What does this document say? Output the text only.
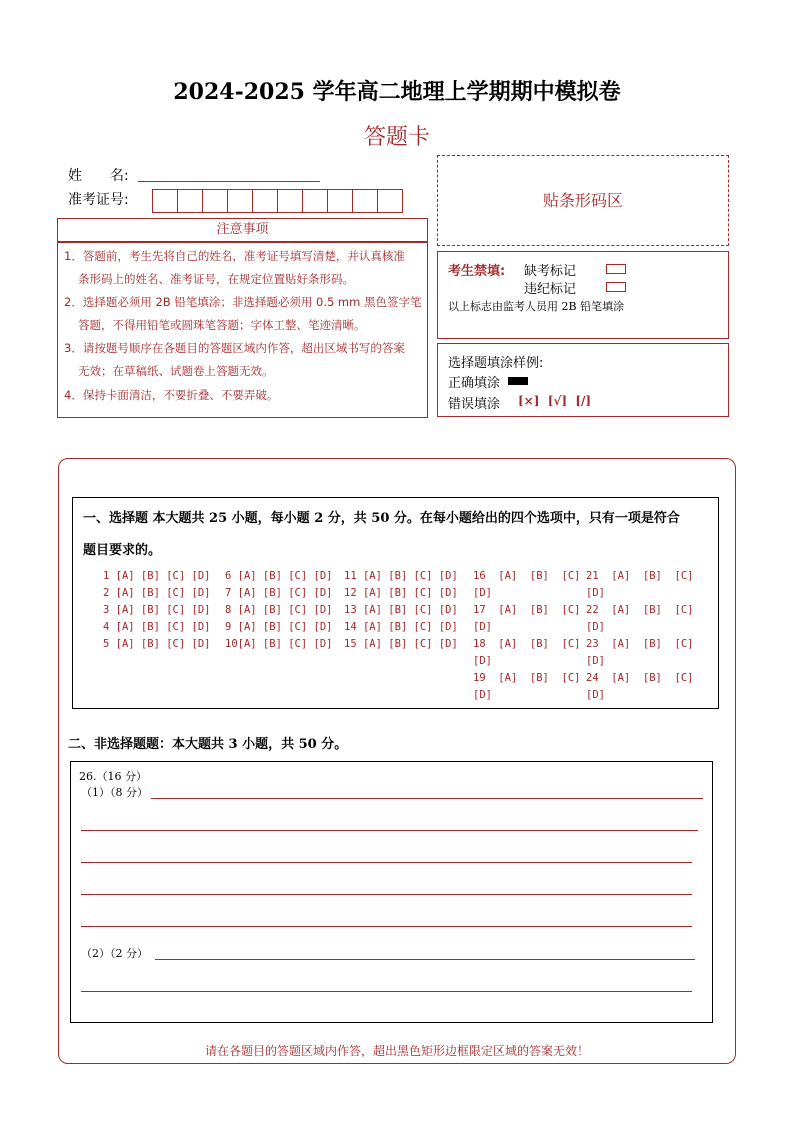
2024-2025 学年高二地理上学期期中模拟卷
答题卡
姓　　名:
准考证号:
注意事项
1．答题前，考生先将自己的姓名，准考证号填写清楚，并认真核准
条形码上的姓名、准考证号，在规定位置贴好条形码。
2．选择题必须用 2B 铅笔填涂；非选择题必须用 0.5 mm 黑色签字笔
答题，不得用铅笔或圆珠笔答题；字体工整、笔迹清晰。
3．请按题号顺序在各题目的答题区域内作答，超出区域书写的答案
无效；在草稿纸、试题卷上答题无效。
4．保持卡面清洁，不要折叠、不要弄破。
贴条形码区
考生禁填: 缺考标记
违纪标记
以上标志由监考人员用 2B 铅笔填涂
选择题填涂样例:
正确填涂
错误填涂 [×]  [√]  [/]
一、选择题 本大题共 25 小题，每小题 2 分，共 50 分。在每小题给出的四个选项中，只有一项是符合
题目要求的。
1 [A] [B] [C] [D]
2 [A] [B] [C] [D]
3 [A] [B] [C] [D]
4 [A] [B] [C] [D]
5 [A] [B] [C] [D]
6 [A] [B] [C] [D]
7 [A] [B] [C] [D]
8 [A] [B] [C] [D]
9 [A] [B] [C] [D]
10[A] [B] [C] [D]
11 [A] [B] [C] [D]
12 [A] [B] [C] [D]
13 [A] [B] [C] [D]
14 [A] [B] [C] [D]
15 [A] [B] [C] [D]
16  [A]  [B]  [C]
[D]
17  [A]  [B]  [C]
[D]
18  [A]  [B]  [C]
[D]
19  [A]  [B]  [C]
[D]
21  [A]  [B]  [C]
[D]
22  [A]  [B]  [C]
[D]
23  [A]  [B]  [C]
[D]
24  [A]  [B]  [C]
[D]
二、非选择题题：本大题共 3 小题，共 50 分。
26.（16 分）
（1）（8 分）
（2）（2 分）
请在各题目的答题区域内作答，超出黑色矩形边框限定区域的答案无效！
